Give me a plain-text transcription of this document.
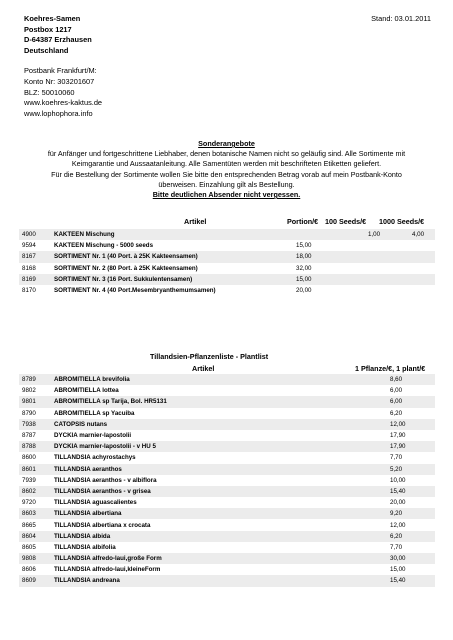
Koehres-Samen
Postbox 1217
D-64387 Erzhausen
Deutschland
Postbank Frankfurt/M:
Konto Nr: 303201607
BLZ: 50010060
www.koehres-kaktus.de
www.lophophora.info
Stand: 03.01.2011
Sonderangebote
für Anfänger und fortgeschrittene Liebhaber, denen botanische Namen nicht so geläufig sind. Alle Sortimente mit
Keimgarantie und Aussaatanleitung. Alle Samentüten werden mit beschrifteten Etiketten geliefert.
Für die Bestellung der Sortimente wollen Sie bitte den entsprechenden Betrag vorab auf mein Postbank-Konto
überweisen. Einzahlung gilt als Bestellung.
Bitte deutlichen Absender nicht vergessen.
Artikel	Portion/€ 100 Seeds/€ 1000 Seeds/€
4900	KAKTEEN Mischung		1,00	4,00
9594	KAKTEEN Mischung - 5000 seeds	15,00		
8167	SORTIMENT Nr. 1 (40 Port. à 25K Kakteensamen)	18,00		
8168	SORTIMENT Nr. 2 (80 Port. à 25K Kakteensamen)	32,00		
8169	SORTIMENT Nr. 3 (16 Port. Sukkulentensamen)	15,00		
8170	SORTIMENT Nr. 4 (40 Port.Mesembryanthemumsamen)	20,00		
Tillandsien-Pflanzenliste - Plantlist
Artikel	1 Pflanze/€, 1 plant/€
8789	ABROMITIELLA brevifolia	8,60
9802	ABROMITIELLA lottea	6,00
9801	ABROMITIELLA sp Tarija, Bol. HR5131	6,00
8790	ABROMITIELLA sp Yacuiba	6,20
7938	CATOPSIS nutans	12,00
8787	DYCKIA marnier-lapostolii	17,90
8788	DYCKIA marnier-lapostolii - v HU 5	17,90
8600	TILLANDSIA achyrostachys	7,70
8601	TILLANDSIA aeranthos	5,20
7939	TILLANDSIA aeranthos - v albiflora	10,00
8602	TILLANDSIA aeranthos - v grisea	15,40
9720	TILLANDSIA aguascalientes	20,00
8603	TILLANDSIA albertiana	9,20
8665	TILLANDSIA albertiana x crocata	12,00
8604	TILLANDSIA albida	6,20
8605	TILLANDSIA albifolia	7,70
9808	TILLANDSIA alfredo-laui,große Form	30,00
8606	TILLANDSIA alfredo-laui,kleineForm	15,00
8609	TILLANDSIA andreana	15,40
